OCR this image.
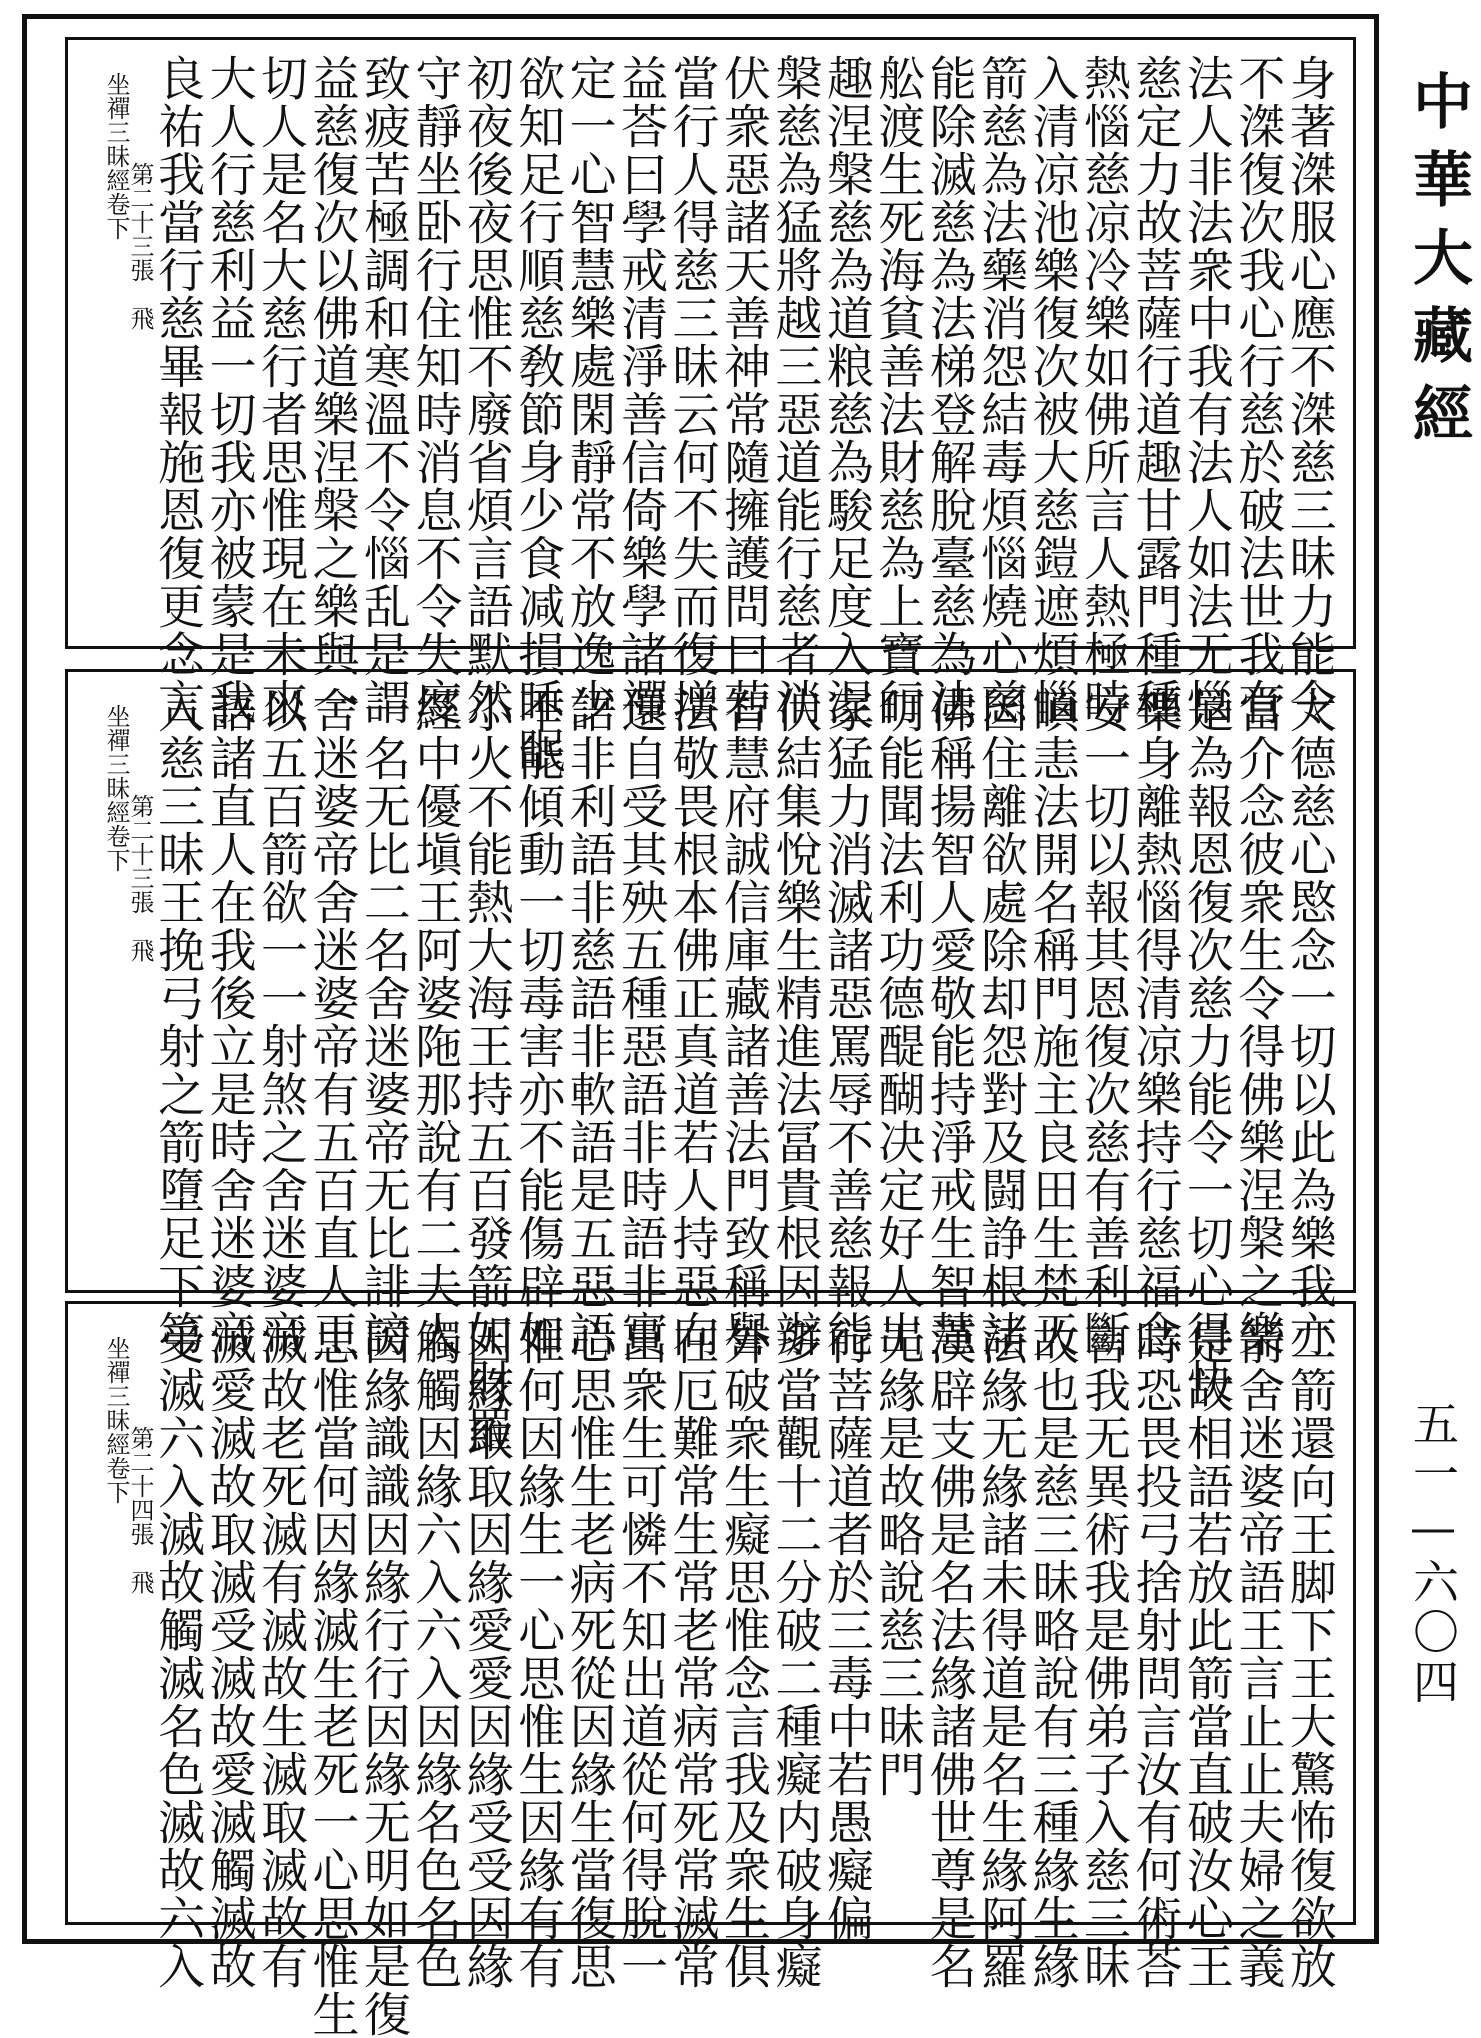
身著滐服心應不滐慈三昧力能令
不滐復次我心行慈於破法世我有
法人非法衆中我有法人如法无惱
慈定力故菩薩行道趣甘露門種種
熱惱慈凉冷樂如佛所言人熱極時
入清凉池樂復次被大慈鎧遮煩惱
箭慈為法藥消怨結毒煩惱燒心慈
能除滅慈為法梯登解脫臺慈為法
舩渡生死海貧善法財慈為上寶行
趣涅槃慈為道粮慈為駿足度入涅
槃慈為猛將越三惡道能行慈者消
伏衆惡諸天善神常隨擁護問曰若
當行人得慈三昧云何不失而復增
益荅曰學戒清淨善信倚樂學諸禪
定一心智慧樂處閑靜常不放逸少
欲知足行順慈敎節身少食减損睡眠
初夜後夜思惟不廢省煩言語默然
守靜坐卧行住知時消息不令失度
致疲苦極調和寒溫不令惱乱是謂
益慈復次以佛道樂涅槃之樂與一
切人是名大慈行者思惟現在未來
大人行慈利益一切我亦被蒙是我
良祐我當行慈畢報施恩復更念言
坐禪三昧經卷下
第二十三張　飛
大德慈心愍念一切以此為樂我亦
當介念彼衆生令得佛樂涅槃之樂
是為報恩復次慈力能令一切心得快
樂身離熱惱得清凉樂持行慈福念
安一切以報其恩復次慈有善利斷
瞋恚法開名稱門施主良田生梵天
因住離欲處除却怨對及闘諍根諸
佛稱揚智人愛敬能持淨戒生智慧
明能聞法利功德醍醐决定好人出
家猛力消滅諸惡罵辱不善慈報能
伏結集悅樂生精進法冨貴根因辦
智慧府誠信庫藏諸善法門致稱譽
法敬畏根本佛正真道若人持惡向
還自受其殃五種惡語非時語非實
語非利語非慈語非軟語是五惡語
不能傾動一切毒害亦不能傷辟如
小火不能熱大海王持五百發箭如財羅
經中優塡王阿婆陁那說有二夫人
一名无比二名舍迷婆帝无比誹謗
舍迷婆帝舍迷婆帝有五百直人王
以五百箭欲一一射煞之舍迷婆帝
語諸直人在我後立是時舍迷婆帝
入慈三昧王挽弓射之箭墮足下第
坐禪三昧經卷下
第二十三張　飛
二箭還向王脚下王大驚怖復欲放
箭舍迷婆帝語王言止止夫婦之義
是故相語若放此箭當直破汝心王
時恐畏投弓捨射問言汝有何術荅
言我无異術我是佛弟子入慈三昧
故也是慈三昧略說有三種緣生緣
法緣无緣諸未得道是名生緣阿羅
漢辟支佛是名法緣諸佛世尊是名
无緣是故略說慈三昧門
行菩薩道者於三毒中若愚癡偏
多當觀十二分破二種癡内破身癡
外破衆生癡思惟念言我及衆生俱
在厄難常生常老常病常死常滅常
出衆生可憐不知出道從何得脫一
心思惟生老病死從因緣生當復思
惟何因緣生一心思惟生因緣有有
因緣取取因緣愛愛因緣受受因緣
觸觸因緣六入六入因緣名色名色
因緣識識因緣行行因緣无明如是復
思惟當何因緣滅生老死一心思惟生
滅故老死滅有滅故生滅取滅故有
滅愛滅故取滅受滅故愛滅觸滅故
受滅六入滅故觸滅名色滅故六入
坐禪三昧經卷下
第二十四張　飛
中華大藏經
五一—六〇四
